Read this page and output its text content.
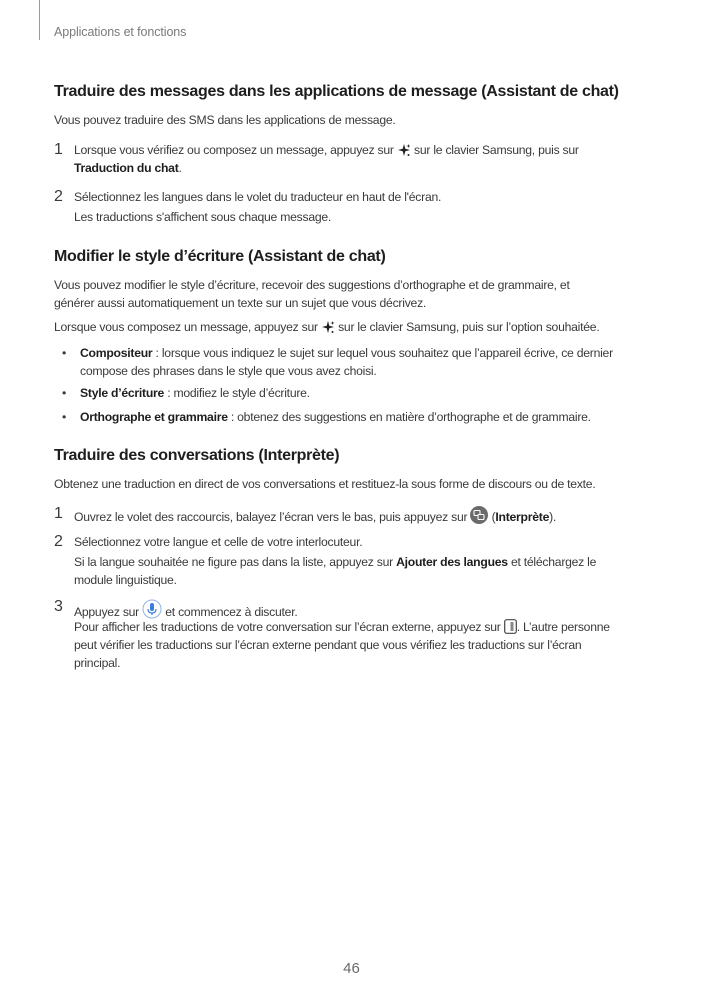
Applications et fonctions
Traduire des messages dans les applications de message (Assistant de chat)
Vous pouvez traduire des SMS dans les applications de message.
1 Lorsque vous vérifiez ou composez un message, appuyez sur  sur le clavier Samsung, puis sur
Traduction du chat.
2 Sélectionnez les langues dans le volet du traducteur en haut de l'écran.
Les traductions s'affichent sous chaque message.
Modifier le style d’écriture (Assistant de chat)
Vous pouvez modifier le style d’écriture, recevoir des suggestions d’orthographe et de grammaire, et
générer aussi automatiquement un texte sur un sujet que vous décrivez.
Lorsque vous composez un message, appuyez sur  sur le clavier Samsung, puis sur l’option souhaitée.
• Compositeur : lorsque vous indiquez le sujet sur lequel vous souhaitez que l’appareil écrive, ce dernier
compose des phrases dans le style que vous avez choisi.
• Style d’écriture : modifiez le style d’écriture.
• Orthographe et grammaire : obtenez des suggestions en matière d’orthographe et de grammaire.
Traduire des conversations (Interprète)
Obtenez une traduction en direct de vos conversations et restituez-la sous forme de discours ou de texte.
1 Ouvrez le volet des raccourcis, balayez l’écran vers le bas, puis appuyez sur  (Interprète).
2 Sélectionnez votre langue et celle de votre interlocuteur.
Si la langue souhaitée ne figure pas dans la liste, appuyez sur Ajouter des langues et téléchargez le
module linguistique.
3 Appuyez sur  et commencez à discuter.
Pour afficher les traductions de votre conversation sur l’écran externe, appuyez sur . L’autre personne
peut vérifier les traductions sur l’écran externe pendant que vous vérifiez les traductions sur l’écran
principal.
46
